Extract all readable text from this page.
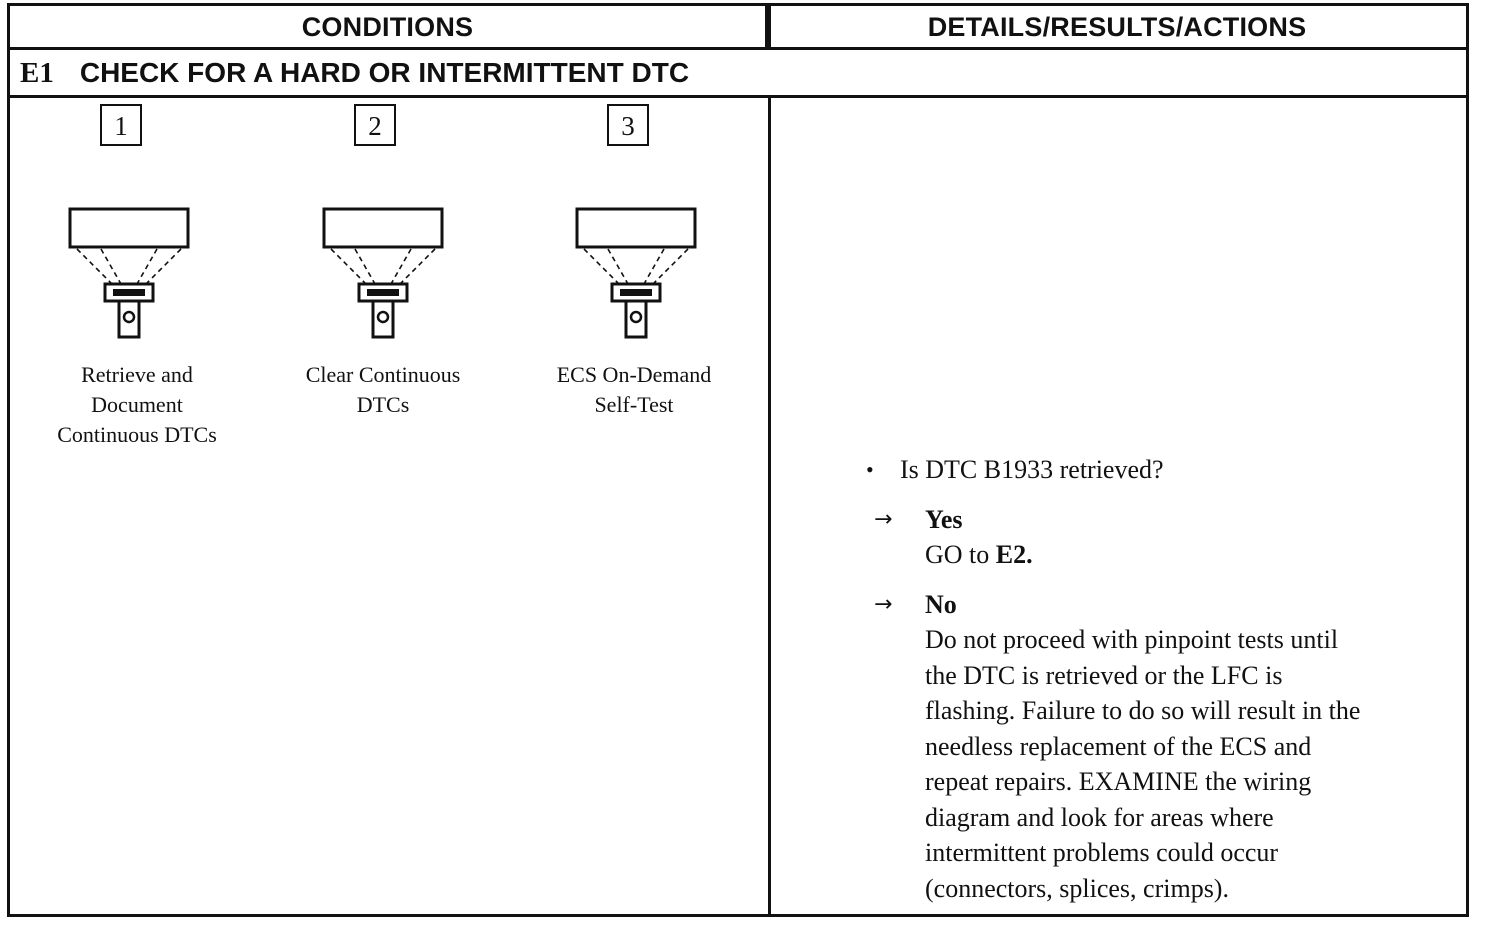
CONDITIONS	DETAILS/RESULTS/ACTIONS
E1 CHECK FOR A HARD OR INTERMITTENT DTC
1
Retrieve and
Document
Continuous DTCs
2
Clear Continuous
DTCs
3
ECS On-Demand
Self-Test
• Is DTC B1933 retrieved?
→ Yes
GO to E2.
→ No
Do not proceed with pinpoint tests until
the DTC is retrieved or the LFC is
flashing. Failure to do so will result in the
needless replacement of the ECS and
repeat repairs. EXAMINE the wiring
diagram and look for areas where
intermittent problems could occur
(connectors, splices, crimps).
